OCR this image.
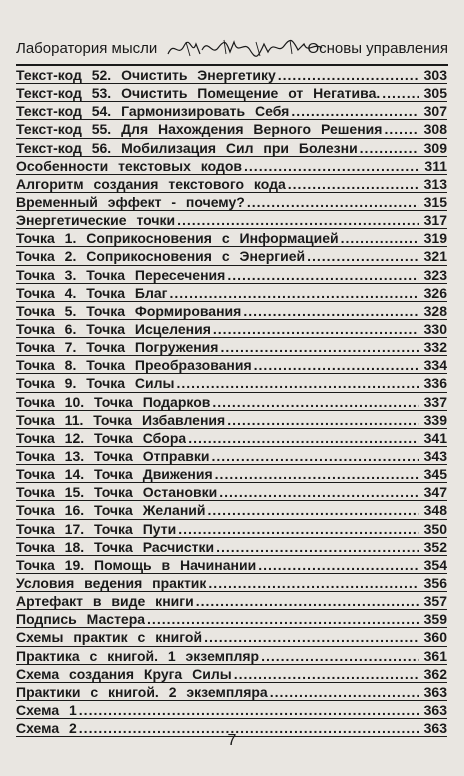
Лаборатория мысли	Основы управления
Текст-код 52. Очистить Энергетику .....	303
Текст-код 53. Очистить Помещение от Негатива. .....	305
Текст-код 54. Гармонизировать Себя .....	307
Текст-код 55. Для Нахождения Верного Решения .....	308
Текст-код 56. Мобилизация Сил при Болезни .....	309
Особенности текстовых кодов .....	311
Алгоритм создания текстового кода .....	313
Временный эффект - почему? .....	315
Энергетические точки .....	317
Точка 1. Соприкосновения с Информацией .....	319
Точка 2. Соприкосновения с Энергией .....	321
Точка 3. Точка Пересечения .....	323
Точка 4. Точка Благ .....	326
Точка 5. Точка Формирования .....	328
Точка 6. Точка Исцеления .....	330
Точка 7. Точка Погружения .....	332
Точка 8. Точка Преобразования .....	334
Точка 9. Точка Силы .....	336
Точка 10. Точка Подарков .....	337
Точка 11. Точка Избавления .....	339
Точка 12. Точка Сбора .....	341
Точка 13. Точка Отправки .....	343
Точка 14. Точка Движения .....	345
Точка 15. Точка Остановки .....	347
Точка 16. Точка Желаний .....	348
Точка 17. Точка Пути .....	350
Точка 18. Точка Расчистки .....	352
Точка 19. Помощь в Начинании .....	354
Условия ведения практик .....	356
Артефакт в виде книги .....	357
Подпись Мастера .....	359
Схемы практик с книгой .....	360
Практика с книгой. 1 экземпляр .....	361
Схема создания Круга Силы .....	362
Практики с книгой. 2 экземпляра .....	363
Схема 1 .....	363
Схема 2 .....	363
7
